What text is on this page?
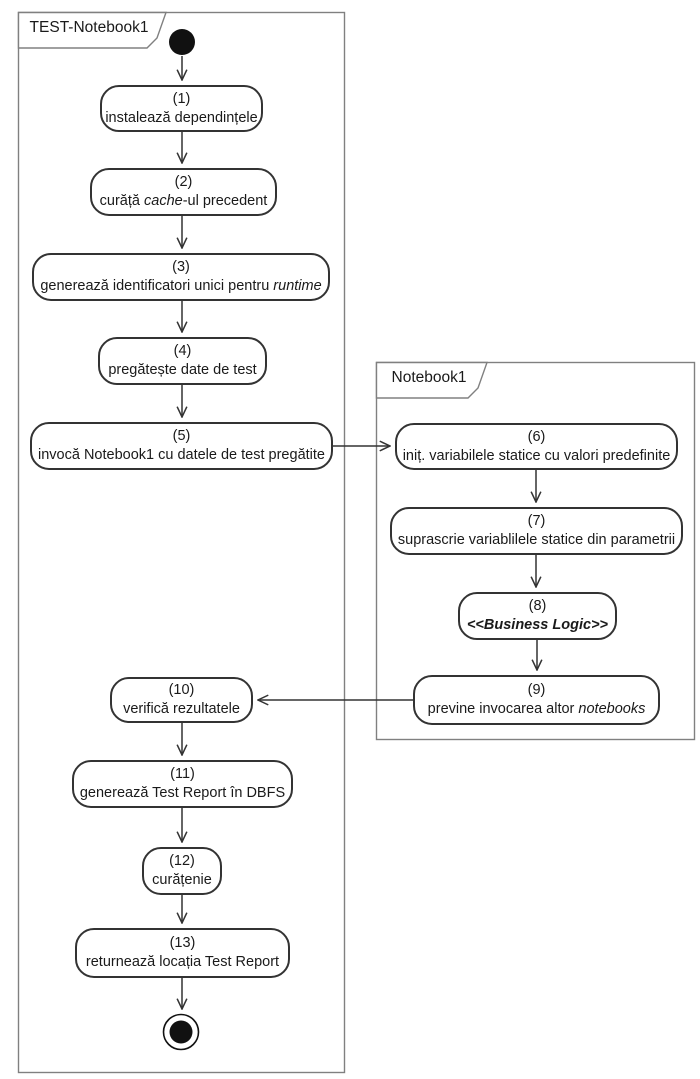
TEST-Notebook1
Notebook1
(1)
instalează dependințele
(2)
curăță cache-ul precedent
(3)
generează identificatori unici pentru runtime
(4)
pregătește date de test
(5)
invocă Notebook1 cu datele de test pregătite
(6)
iniț. variabilele statice cu valori predefinite
(7)
suprascrie variablilele statice din parametrii
(8)
<<Business Logic>>
(9)
previne invocarea altor notebooks
(10)
verifică rezultatele
(11)
generează Test Report în DBFS
(12)
curățenie
(13)
returnează locația Test Report
